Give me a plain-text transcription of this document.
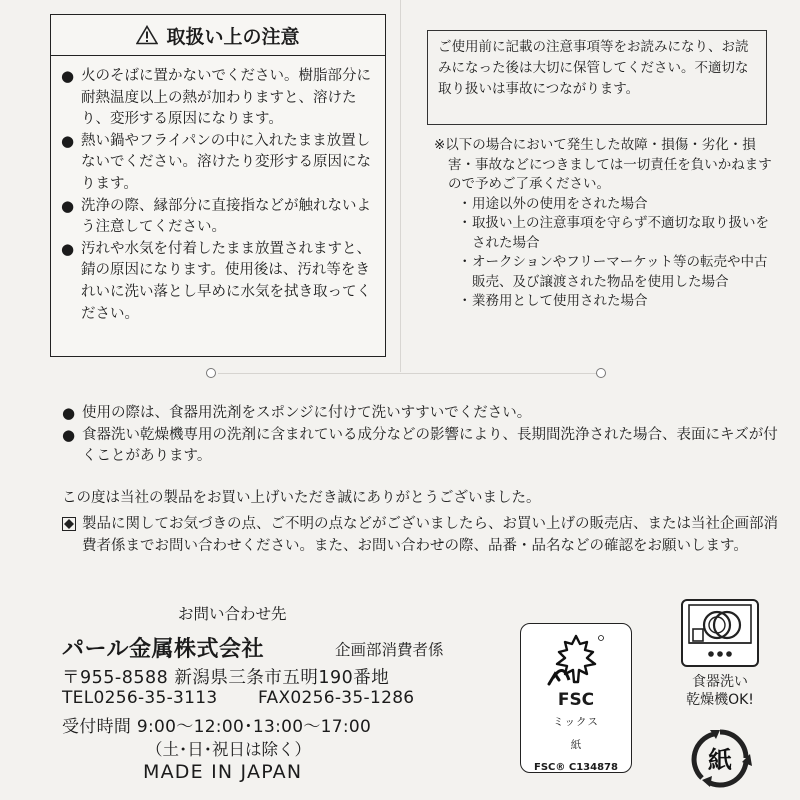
取扱い上の注意
● 火のそばに置かないでください。樹脂部分に耐熱温度以上の熱が加わりますと、溶けたり、変形する原因になります。
● 熱い鍋やフライパンの中に入れたまま放置しないでください。溶けたり変形する原因になります。
● 洗浄の際、縁部分に直接指などが触れないよう注意してください。
● 汚れや水気を付着したまま放置されますと、錆の原因になります。使用後は、汚れ等をきれいに洗い落とし早めに水気を拭き取ってください。
ご使用前に記載の注意事項等をお読みになり、お読みになった後は大切に保管してください。不適切な取り扱いは事故につながります。

※以下の場合において発生した故障・損傷・劣化・損害・事故などにつきましては一切責任を負いかねますので予めご了承ください。

・ 用途以外の使用をされた場合
・ 取扱い上の注意事項を守らず不適切な取り扱いをされた場合
・ オークションやフリーマーケット等の転売や中古販売、及び譲渡された物品を使用した場合
・ 業務用として使用された場合

● 使用の際は、食器用洗剤をスポンジに付けて洗いすすいでください。

● 食器洗い乾燥機専用の洗剤に含まれている成分などの影響により、長期間洗浄された場合、表面にキズが付くことがあります。

この度は当社の製品をお買い上げいただき誠にありがとうございました。

製品に関してお気づきの点、ご不明の点などがございましたら、お買い上げの販売店、または当社企画部消費者係までお問い合わせください。また、お問い合わせの際、品番・品名などの確認をお願いします。

お問い合わせ先
パール金属株式会社	企画部消費者係
〒955-8588 新潟県三条市五明190番地
TEL0256-35-3113 FAX0256-35-1286
受付時間 9:00〜12:00･13:00〜17:00
（土･日･祝日は除く）
MADE IN JAPAN
FSC
ミックス
紙
FSC® C134878
食器洗い
乾燥機OK!
紙
